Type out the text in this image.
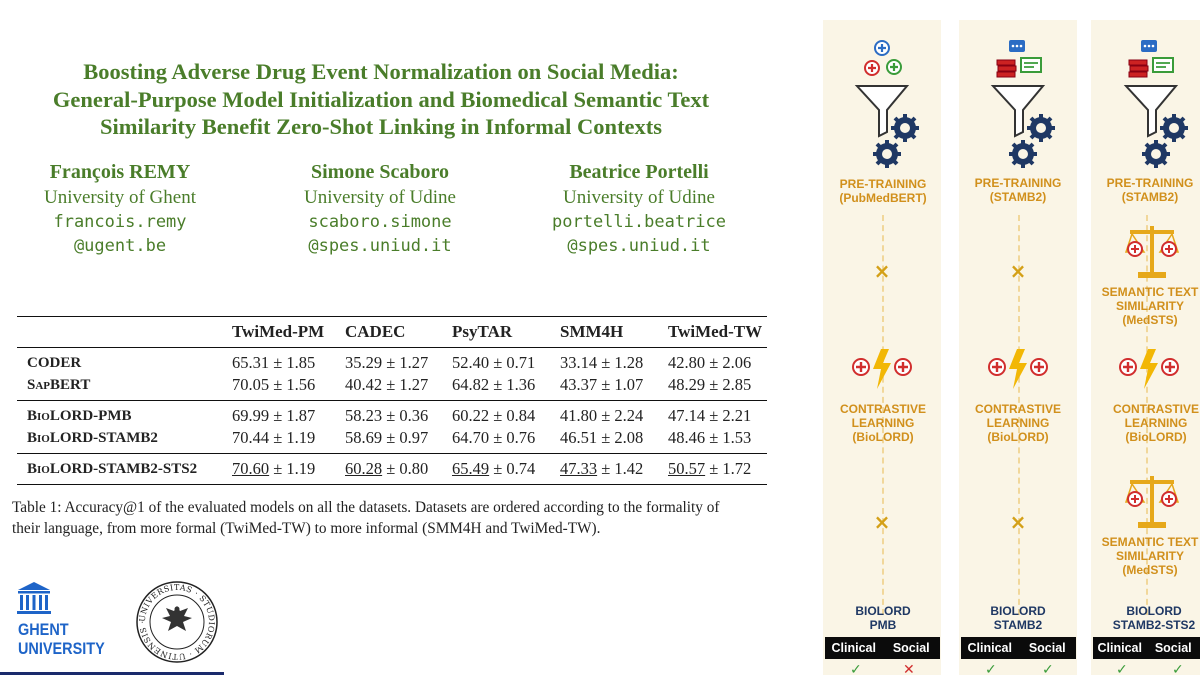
Boosting Adverse Drug Event Normalization on Social Media:
General-Purpose Model Initialization and Biomedical Semantic Text
Similarity Benefit Zero-Shot Linking in Informal Contexts
François REMY
University of Ghent
francois.remy
@ugent.be
Simone Scaboro
University of Udine
scaboro.simone
@spes.uniud.it
Beatrice Portelli
University of Udine
portelli.beatrice
@spes.uniud.it
	TwiMed-PM	CADEC	PsyTAR	SMM4H	TwiMed-TW
CODER	65.31 ± 1.85	35.29 ± 1.27	52.40 ± 0.71	33.14 ± 1.28	42.80 ± 2.06
SapBERT	70.05 ± 1.56	40.42 ± 1.27	64.82 ± 1.36	43.37 ± 1.07	48.29 ± 2.85
BioLORD-PMB	69.99 ± 1.87	58.23 ± 0.36	60.22 ± 0.84	41.80 ± 2.24	47.14 ± 2.21
BioLORD-STAMB2	70.44 ± 1.19	58.69 ± 0.97	64.70 ± 0.76	46.51 ± 2.08	48.46 ± 1.53
BioLORD-STAMB2-STS2	70.60 ± 1.19	60.28 ± 0.80	65.49 ± 0.74	47.33 ± 1.42	50.57 ± 1.72
Table 1: Accuracy@1 of the evaluated models on all the datasets. Datasets are ordered according to the formality of
their language, from more formal (TwiMed-TW) to more informal (SMM4H and TwiMed-TW).
GHENT
UNIVERSITY
UNIVERSITAS · STUDIORUM · UTINENSIS ·
PRE-TRAINING
(PubMedBERT)
×
CONTRASTIVE
LEARNING
(BioLORD)
×
BIOLORD
PMB
Clinical	Social
✓	✕
PRE-TRAINING
(STAMB2)
×
CONTRASTIVE
LEARNING
(BioLORD)
×
BIOLORD
STAMB2
Clinical	Social
✓	✓
PRE-TRAINING
(STAMB2)
SEMANTIC TEXT
SIMILARITY
(MedSTS)
CONTRASTIVE
LEARNING
(BioLORD)
SEMANTIC TEXT
SIMILARITY
(MedSTS)
BIOLORD
STAMB2-STS2
Clinical	Social
✓	✓
